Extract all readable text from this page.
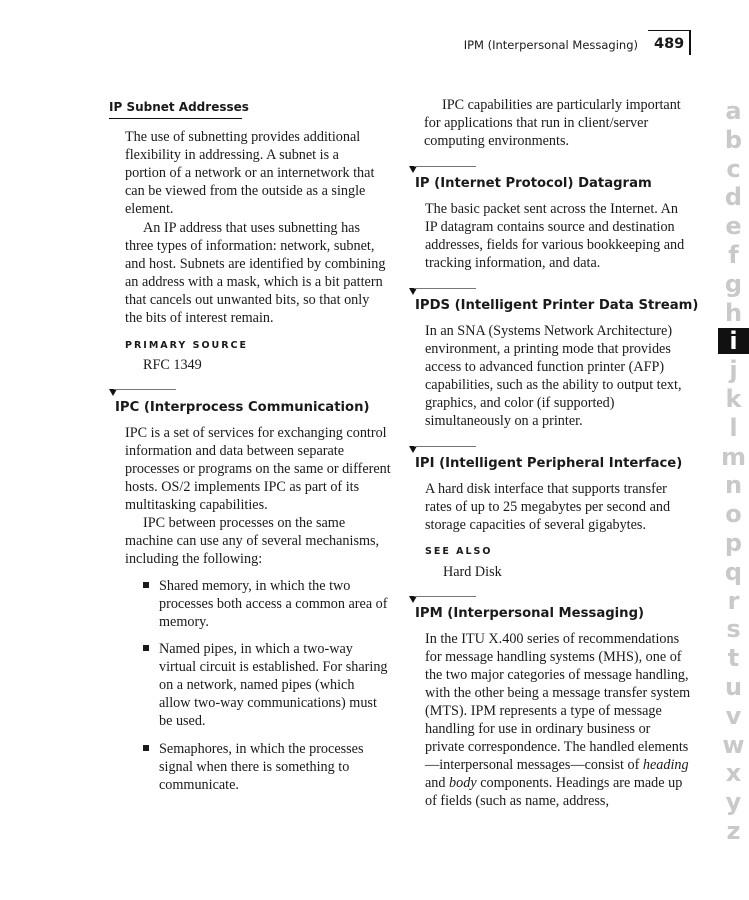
IPM (Interpersonal Messaging) 489
IP Subnet Addresses

The use of subnetting provides additional flexibility in addressing. A subnet is a portion of a network or an internetwork that can be viewed from the outside as a single element.

An IP address that uses subnetting has three types of information: network, subnet, and host. Subnets are identified by combining an address with a mask, which is a bit pattern that cancels out unwanted bits, so that only the bits of interest remain.

PRIMARY SOURCE

RFC 1349

IPC (Interprocess Communication)

IPC is a set of services for exchanging control information and data between separate processes or programs on the same or different hosts. OS/2 implements IPC as part of its multitasking capabilities.

IPC between processes on the same machine can use any of several mechanisms, including the following:

Shared memory, in which the two processes both access a common area of memory.
Named pipes, in which a two-way virtual circuit is established. For sharing on a network, named pipes (which allow two-way communications) must be used.
Semaphores, in which the processes signal when there is something to communicate.

IPC capabilities are particularly important for applications that run in client/server computing environments.

IP (Internet Protocol) Datagram

The basic packet sent across the Internet. An IP datagram contains source and destination addresses, fields for various bookkeeping and tracking information, and data.

IPDS (Intelligent Printer Data Stream)

In an SNA (Systems Network Architecture) environment, a printing mode that provides access to advanced function printer (AFP) capabilities, such as the ability to output text, graphics, and color (if supported) simultaneously on a printer.

IPI (Intelligent Peripheral Interface)

A hard disk interface that supports transfer rates of up to 25 megabytes per second and storage capacities of several gigabytes.

SEE ALSO

Hard Disk

IPM (Interpersonal Messaging)

In the ITU X.400 series of recommendations for message handling systems (MHS), one of the two major categories of message handling, with the other being a message transfer system (MTS). IPM represents a type of message handling for use in ordinary business or private correspondence. The handled elements—interpersonal messages—consist of heading and body components. Headings are made up of fields (such as name, address,

a
b
c
d
e
f
g
h
i
j
k
l
m
n
o
p
q
r
s
t
u
v
w
x
y
z
